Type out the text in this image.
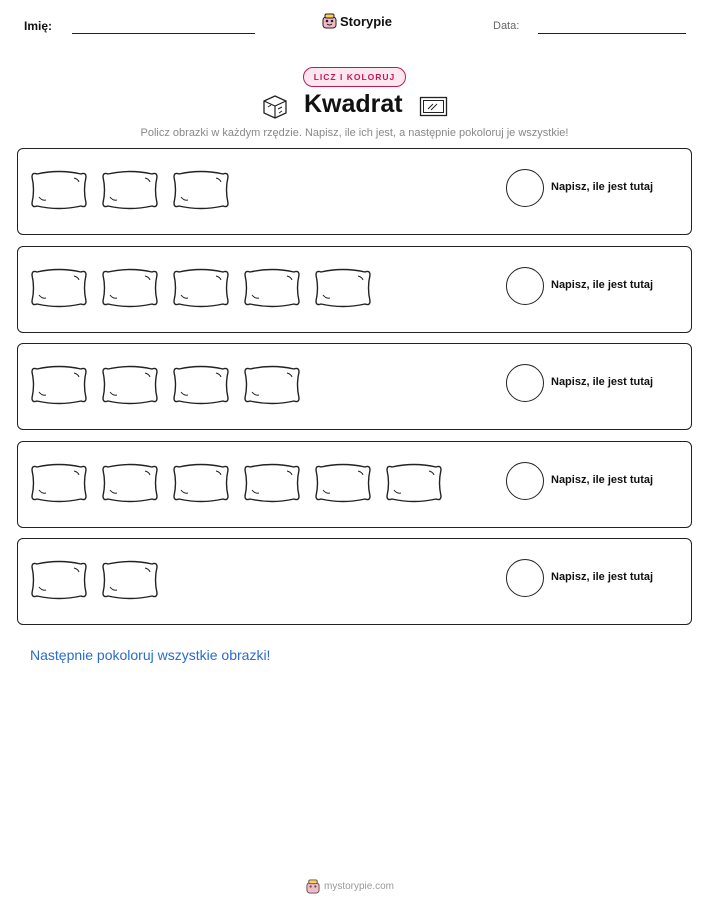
Imię:	Storypie	Data:
LICZ I KOLORUJ
Kwadrat
Policz obrazki w każdym rzędzie. Napisz, ile ich jest, a następnie pokoloruj je wszystkie!
Napisz, ile jest tutaj
Napisz, ile jest tutaj
Napisz, ile jest tutaj
Napisz, ile jest tutaj
Napisz, ile jest tutaj
Następnie pokoloruj wszystkie obrazki!
mystorypie.com
